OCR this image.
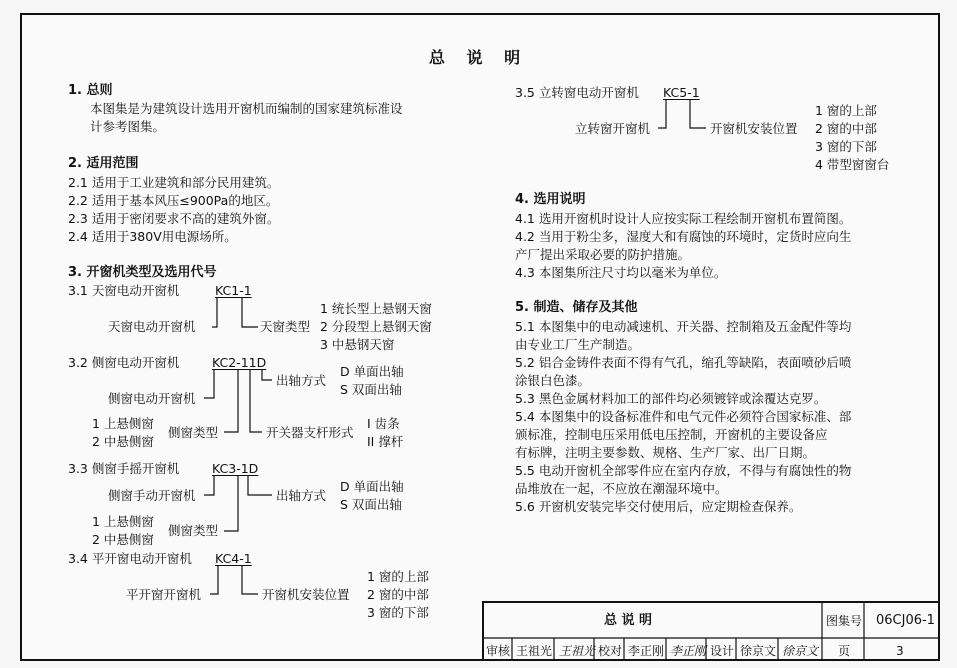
总 说 明
1. 总则
本图集是为建筑设计选用开窗机而编制的国家建筑标准设
计参考图集。
2. 适用范围
2.1 适用于工业建筑和部分民用建筑。
2.2 适用于基本风压≤900Pa的地区。
2.3 适用于密闭要求不高的建筑外窗。
2.4 适用于380V用电源场所。
3. 开窗机类型及选用代号
3.1 天窗电动开窗机	KC1-1
天窗电动开窗机	天窗类型
1 统长型上悬钢天窗
2 分段型上悬钢天窗
3 中悬钢天窗
3.2 侧窗电动开窗机	KC2-11D
出轴方式
D 单面出轴
S 双面出轴
侧窗电动开窗机
1 上悬侧窗
2 中悬侧窗
侧窗类型	开关器支杆形式
I 齿条
II 撑杆
3.3 侧窗手摇开窗机	KC3-1D
侧窗手动开窗机	出轴方式
D 单面出轴
S 双面出轴
1 上悬侧窗
2 中悬侧窗
侧窗类型
3.4 平开窗电动开窗机 KC4-1
平开窗开窗机	开窗机安装位置
1 窗的上部
2 窗的中部
3 窗的下部
3.5 立转窗电动开窗机 KC5-1
立转窗开窗机	开窗机安装位置
1 窗的上部
2 窗的中部
3 窗的下部
4 带型窗窗台
4. 选用说明
4.1 选用开窗机时设计人应按实际工程绘制开窗机布置简图。
4.2 当用于粉尘多，湿度大和有腐蚀的环境时，定货时应向生
产厂提出采取必要的防护措施。
4.3 本图集所注尺寸均以毫米为单位。
5. 制造、储存及其他
5.1 本图集中的电动减速机、开关器、控制箱及五金配件等均
由专业工厂生产制造。
5.2 铝合金铸件表面不得有气孔，缩孔等缺陷，表面喷砂后喷
涂银白色漆。
5.3 黑色金属材料加工的部件均必须镀锌或涂覆达克罗。
5.4 本图集中的设备标准件和电气元件必须符合国家标准、部
颁标准，控制电压采用低电压控制，开窗机的主要设备应
有标牌，注明主要参数、规格、生产厂家、出厂日期。
5.5 电动开窗机全部零件应在室内存放，不得与有腐蚀性的物
品堆放在一起，不应放在潮湿环境中。
5.6 开窗机安装完毕交付使用后，应定期检查保养。
总 说 明	图集号 06CJ06-1
审核 王祖光 王祖光 校对 李正刚 李正刚 设计 徐京文 徐京文 页	3
